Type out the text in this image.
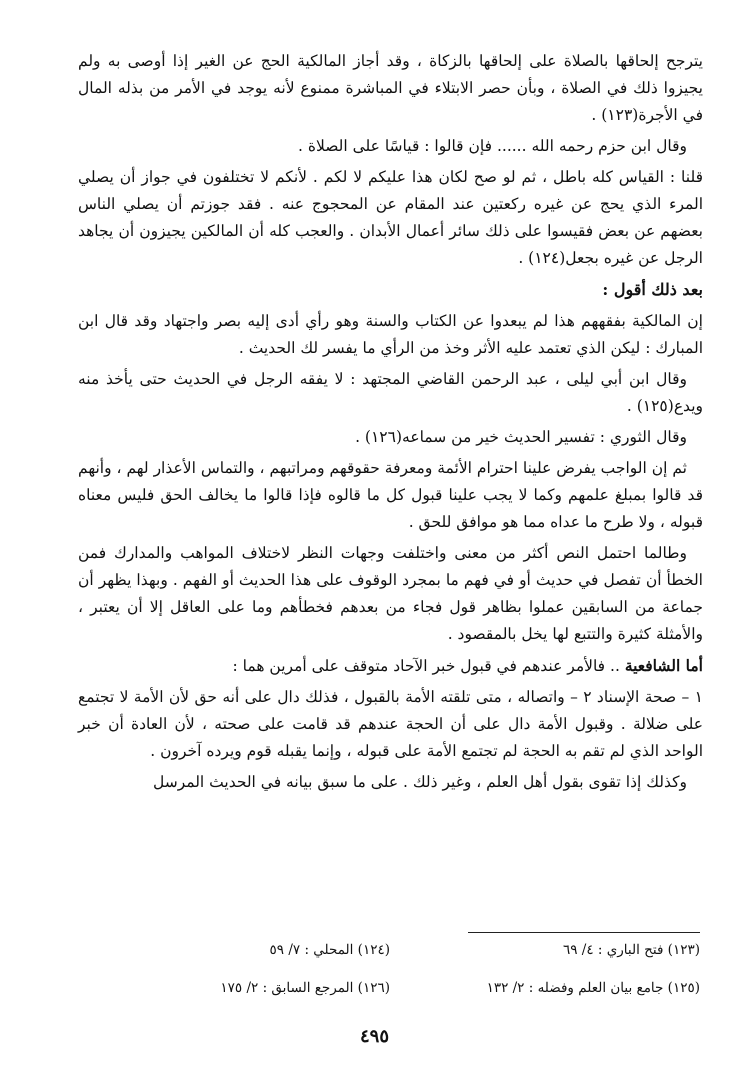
يترجح إلحاقها بالصلاة على إلحاقها بالزكاة ، وقد أجاز المالكية الحج عن الغير إذا أوصى به ولم يجيزوا ذلك في الصلاة ، وبأن حصر الابتلاء في المباشرة ممنوع لأنه يوجد في الأمر من بذله المال في الأجرة(١٢٣) .

وقال ابن حزم رحمه الله ...... فإن قالوا : قياسًا على الصلاة .

قلنا : القياس كله باطل ، ثم لو صح لكان هذا عليكم لا لكم . لأنكم لا تختلفون في جواز أن يصلي المرء الذي يحج عن غيره ركعتين عند المقام عن المحجوج عنه . فقد جوزتم أن يصلي الناس بعضهم عن بعض فقيسوا على ذلك سائر أعمال الأبدان . والعجب كله أن المالكين يجيزون أن يجاهد الرجل عن غيره بجعل(١٢٤) .

بعد ذلك أقول :

إن المالكية بفقههم هذا لم يبعدوا عن الكتاب والسنة وهو رأي أدى إليه بصر واجتهاد وقد قال ابن المبارك : ليكن الذي تعتمد عليه الأثر وخذ من الرأي ما يفسر لك الحديث .

وقال ابن أبي ليلى ، عبد الرحمن القاضي المجتهد : لا يفقه الرجل في الحديث حتى يأخذ منه ويدع(١٢٥) .

وقال الثوري : تفسير الحديث خير من سماعه(١٢٦) .

ثم إن الواجب يفرض علينا احترام الأئمة ومعرفة حقوقهم ومراتبهم ، والتماس الأعذار لهم ، وأنهم قد قالوا بمبلغ علمهم وكما لا يجب علينا قبول كل ما قالوه فإذا قالوا ما يخالف الحق فليس معناه قبوله ، ولا طرح ما عداه مما هو موافق للحق .

وطالما احتمل النص أكثر من معنى واختلفت وجهات النظر لاختلاف المواهب والمدارك فمن الخطأ أن تفصل في حديث أو في فهم ما بمجرد الوقوف على هذا الحديث أو الفهم . وبهذا يظهر أن جماعة من السابقين عملوا بظاهر قول فجاء من بعدهم فخطأهم وما على العاقل إلا أن يعتبر ، والأمثلة كثيرة والتتبع لها يخل بالمقصود .

أما الشافعية .. فالأمر عندهم في قبول خبر الآحاد متوقف على أمرين هما :

١ – صحة الإسناد ٢ – واتصاله ، متى تلقته الأمة بالقبول ، فذلك دال على أنه حق لأن الأمة لا تجتمع على ضلالة . وقبول الأمة دال على أن الحجة عندهم قد قامت على صحته ، لأن العادة أن خبر الواحد الذي لم تقم به الحجة لم تجتمع الأمة على قبوله ، وإنما يقبله قوم ويرده آخرون .

وكذلك إذا تقوى بقول أهل العلم ، وغير ذلك . على ما سبق بيانه في الحديث المرسل

(١٢٣) فتح الباري : ٤/ ٦٩
(١٢٤) المحلي : ٧/ ٥٩
(١٢٥) جامع بيان العلم وفضله : ٢/ ١٣٢
(١٢٦) المرجع السابق : ٢/ ١٧٥
٤٩٥
